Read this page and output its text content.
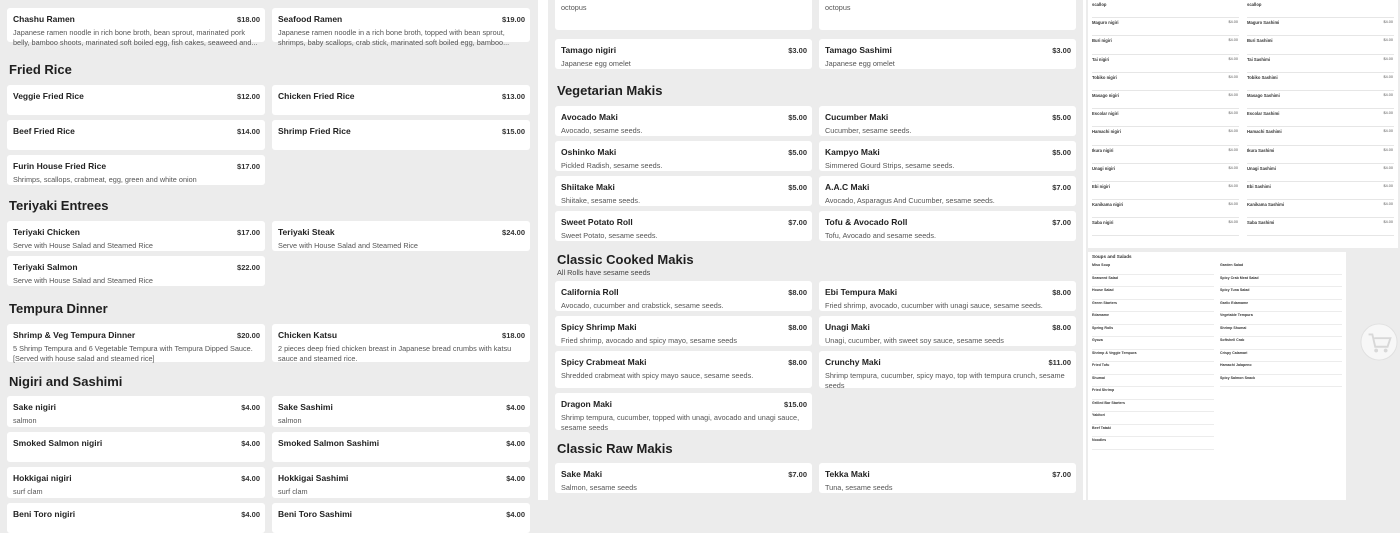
Chashu Ramen	$18.00
Japanese ramen noodle in rich bone broth, bean sprout, marinated pork belly, bamboo shoots, marinated soft boiled egg, fish cakes, seaweed and...
Seafood Ramen	$19.00
Japanese ramen noodle in a rich bone broth, topped with bean sprout, shrimps, baby scallops, crab stick, marinated soft boiled egg, bamboo...
Fried Rice
Veggie Fried Rice	$12.00 Chicken Fried Rice	$13.00
Beef Fried Rice	$14.00 Shrimp Fried Rice	$15.00
Furin House Fried Rice	$17.00
Shrimps, scallops, crabmeat, egg, green and white onion
Teriyaki Entrees
Teriyaki Chicken	$17.00
Serve with House Salad and Steamed Rice
Teriyaki Steak	$24.00
Serve with House Salad and Steamed Rice
Teriyaki Salmon	$22.00
Serve with House Salad and Steamed Rice
Tempura Dinner
Shrimp & Veg Tempura Dinner	$20.00
5 Shrimp Tempura and 6 Vegetable Tempura with Tempura Dipped Sauce. [Served with house salad and steamed rice]
Chicken Katsu	$18.00
2 pieces deep fried chicken breast in Japanese bread crumbs with katsu sauce and steamed rice.
Nigiri and Sashimi
Sake nigiri	$4.00
salmon
Sake Sashimi	$4.00
salmon
Smoked Salmon nigiri	$4.00 Smoked Salmon Sashimi	$4.00
Hokkigai nigiri	$4.00
surf clam
Hokkigai Sashimi	$4.00
surf clam
Beni Toro nigiri	$4.00 Beni Toro Sashimi	$4.00
octopus	octopus
Tamago nigiri	$3.00
Japanese egg omelet
Tamago Sashimi	$3.00
Japanese egg omelet
Vegetarian Makis
Avocado Maki	$5.00
Avocado, sesame seeds.
Cucumber Maki	$5.00
Cucumber, sesame seeds.
Oshinko Maki	$5.00
Pickled Radish, sesame seeds.
Kampyo Maki	$5.00
Simmered Gourd Strips, sesame seeds.
Shiitake Maki	$5.00
Shiitake, sesame seeds.
A.A.C Maki	$7.00
Avocado, Asparagus And Cucumber, sesame seeds.
Sweet Potato Roll	$7.00
Sweet Potato, sesame seeds.
Tofu & Avocado Roll	$7.00
Tofu, Avocado and sesame seeds.
Classic Cooked Makis
All Rolls have sesame seeds
California Roll	$8.00
Avocado, cucumber and crabstick, sesame seeds.
Ebi Tempura Maki	$8.00
Fried shrimp, avocado, cucumber with unagi sauce, sesame seeds.
Spicy Shrimp Maki	$8.00
Fried shrimp, avocado and spicy mayo, sesame seeds
Unagi Maki	$8.00
Unagi, cucumber, with sweet soy sauce, sesame seeds
Spicy Crabmeat Maki	$8.00
Shredded crabmeat with spicy mayo sauce, sesame seeds.
Crunchy Maki	$11.00
Shrimp tempura, cucumber, spicy mayo, top with tempura crunch, sesame seeds
Dragon Maki	$15.00
Shrimp tempura, cucumber, topped with unagi, avocado and unagi sauce, sesame seeds
Classic Raw Makis
Sake Maki	$7.00
Salmon, sesame seeds
Tekka Maki	$7.00
Tuna, sesame seeds
scallop	scallop
Maguro nigiri	$4.00 Maguro Sashimi	$4.00
Buri nigiri	$4.00 Buri Sashimi	$4.00
Tai nigiri	$4.00 Tai Sashimi	$4.00
Tobiko nigiri	$4.00 Tobiko Sashimi	$4.00
Masago nigiri	$4.00 Masago Sashimi	$4.00
Escolar nigiri	$4.00 Escolar Sashimi	$4.00
Hamachi nigiri	$4.00 Hamachi Sashimi	$4.00
Ikura nigiri	$4.00 Ikura Sashimi	$4.00
Unagi nigiri	$4.00 Unagi Sashimi	$4.00
Ebi nigiri	$4.00 Ebi Sashimi	$4.00
Kanikama nigiri	$4.00 Kanikama Sashimi	$4.00
Saba nigiri	$4.00 Saba Sashimi	$4.00
Soups and Salads
Miso Soup
Seaweed Salad
House Salad
Green Starters
Edamame
Spring Rolls
Gyoza
Shrimp & Veggie Tempura
Fried Tofu
Shumai
Fried Shrimp
Grilled Bar Starters
Yakitori
Beef Tataki
Noodles
Garden Salad
Spicy Crab Meat Salad
Spicy Tuna Salad
Garlic Edamame
Vegetable Tempura
Shrimp Shumai
Softshell Crab
Crispy Calamari
Hamachi Jalapeno
Spicy Salmon Snack
